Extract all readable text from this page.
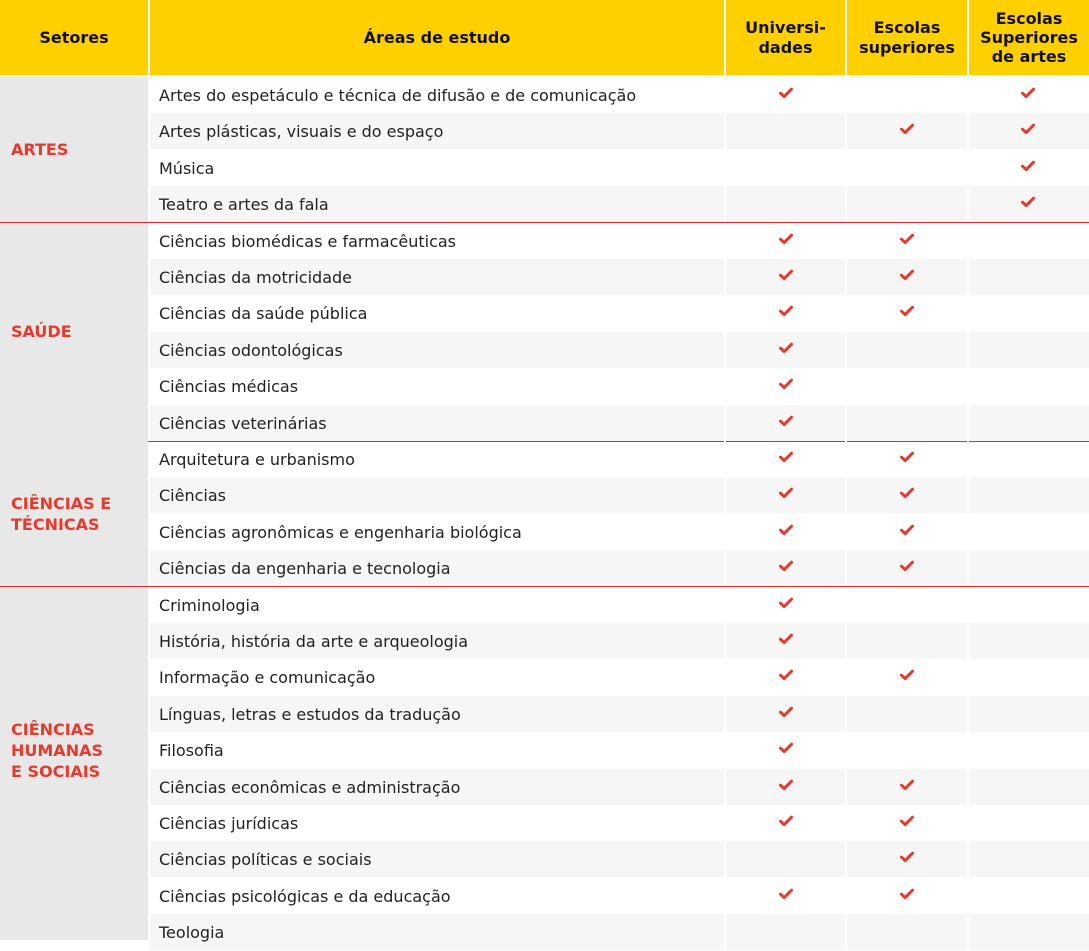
Setores	Áreas de estudo
Universi-
dades
Escolas
superiores
Escolas
Superiores
de artes
ARTES
Artes do espetáculo e técnica de difusão e de comunicação
Artes plásticas, visuais e do espaço
Música
Teatro e artes da fala
SAÚDE
Ciências biomédicas e farmacêuticas
Ciências da motricidade
Ciências da saúde pública
Ciências odontológicas
Ciências médicas
Ciências veterinárias
CIÊNCIAS E
TÉCNICAS
Arquitetura e urbanismo
Ciências
Ciências agronômicas e engenharia biológica
Ciências da engenharia e tecnologia
CIÊNCIAS
HUMANAS
E SOCIAIS
Criminologia
História, história da arte e arqueologia
Informação e comunicação
Línguas, letras e estudos da tradução
Filosofia
Ciências econômicas e administração
Ciências jurídicas
Ciências políticas e sociais
Ciências psicológicas e da educação
Teologia
